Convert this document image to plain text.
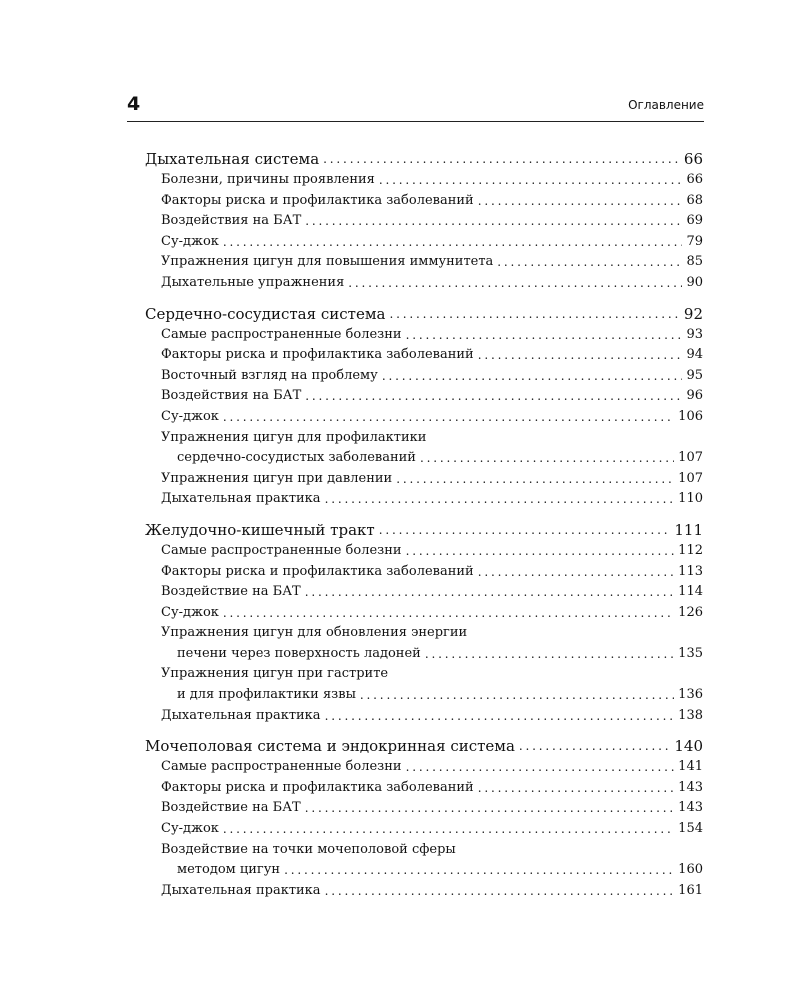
4	Оглавление
Дыхательная система . . .	66
Болезни, причины проявления . . .	66
Факторы риска и профилактика заболеваний . . .	68
Воздействия на БАТ . . .	69
Су-джок . . .	79
Упражнения цигун для повышения иммунитета . . .	85
Дыхательные упражнения . . .	90
Сердечно-сосудистая система . . .	92
Самые распространенные болезни . . .	93
Факторы риска и профилактика заболеваний . . .	94
Восточный взгляд на проблему . . .	95
Воздействия на БАТ . . .	96
Су-джок . . .	106
Упражнения цигун для профилактики
сердечно-сосудистых заболеваний . . .	107
Упражнения цигун при давлении . . .	107
Дыхательная практика . . .	110
Желудочно-кишечный тракт . . .	111
Самые распространенные болезни . . .	112
Факторы риска и профилактика заболеваний . . .	113
Воздействие на БАТ . . .	114
Су-джок . . .	126
Упражнения цигун для обновления энергии
печени через поверхность ладоней . . .	135
Упражнения цигун при гастрите
и для профилактики язвы . . .	136
Дыхательная практика . . .	138
Мочеполовая система и эндокринная система . . .	140
Самые распространенные болезни . . .	141
Факторы риска и профилактика заболеваний . . .	143
Воздействие на БАТ . . .	143
Су-джок . . .	154
Воздействие на точки мочеполовой сферы
методом цигун . . .	160
Дыхательная практика . . .	161
